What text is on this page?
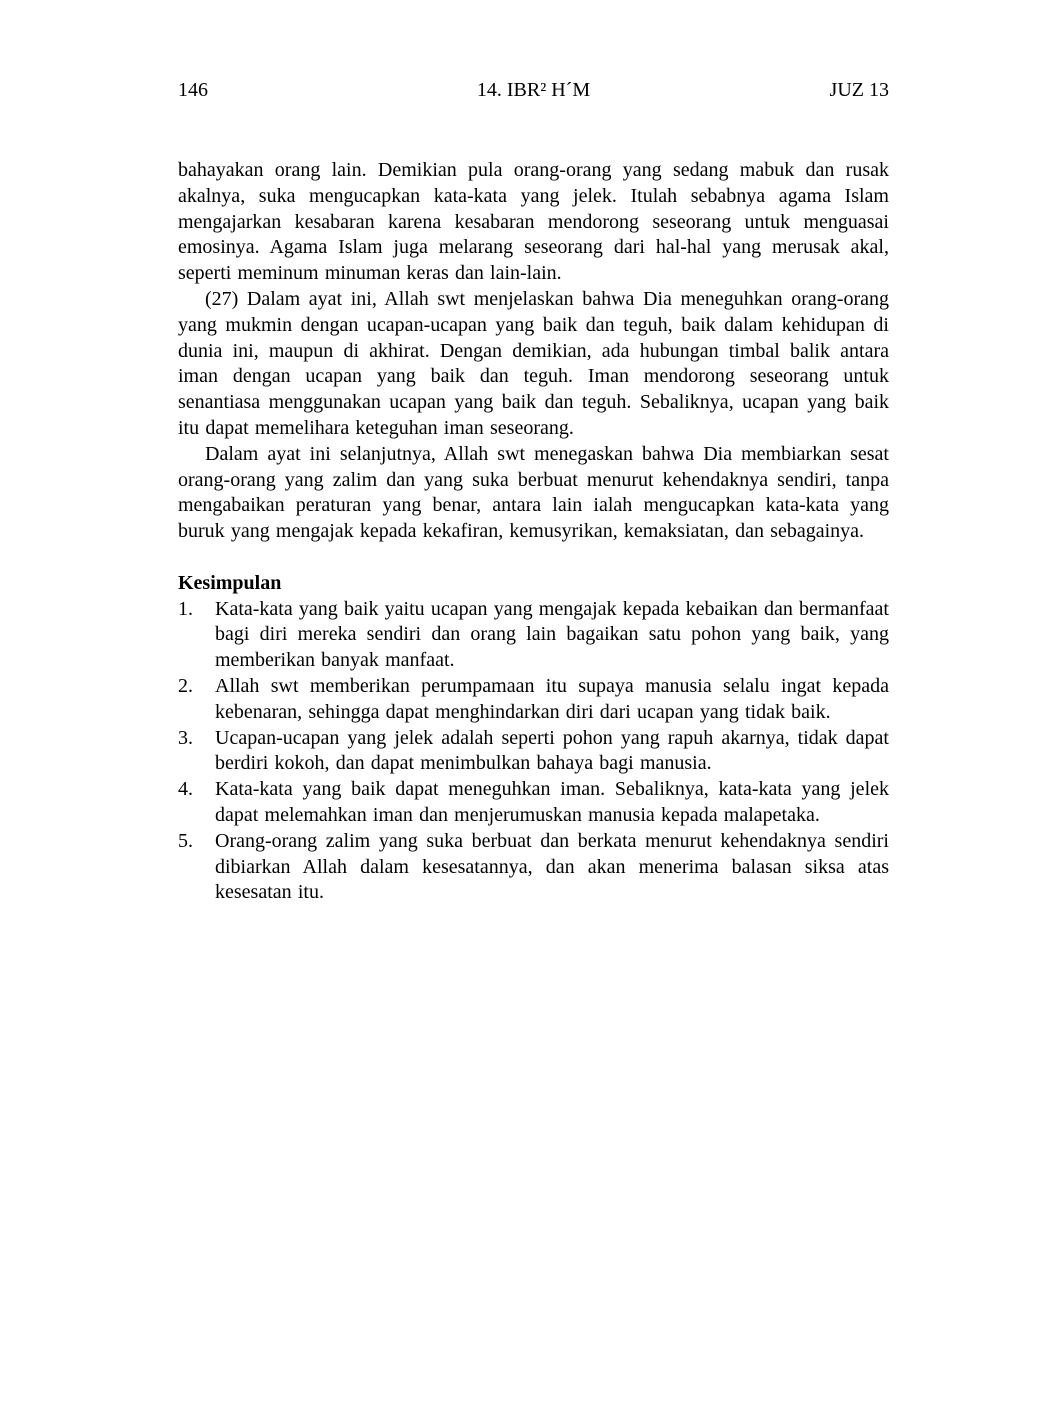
146	14. IBR² H´M	JUZ 13

bahayakan orang lain. Demikian pula orang-orang yang sedang mabuk dan rusak akalnya, suka mengucapkan kata-kata yang jelek. Itulah sebabnya agama Islam mengajarkan kesabaran karena kesabaran mendorong seseorang untuk menguasai emosinya. Agama Islam juga melarang seseorang dari hal-hal yang merusak akal, seperti meminum minuman keras dan lain-lain.

(27) Dalam ayat ini, Allah swt menjelaskan bahwa Dia meneguhkan orang-orang yang mukmin dengan ucapan-ucapan yang baik dan teguh, baik dalam kehidupan di dunia ini, maupun di akhirat. Dengan demikian, ada hubungan timbal balik antara iman dengan ucapan yang baik dan teguh. Iman mendorong seseorang untuk senantiasa menggunakan ucapan yang baik dan teguh. Sebaliknya, ucapan yang baik itu dapat memelihara keteguhan iman seseorang.

Dalam ayat ini selanjutnya, Allah swt menegaskan bahwa Dia membiarkan sesat orang-orang yang zalim dan yang suka berbuat menurut kehendaknya sendiri, tanpa mengabaikan peraturan yang benar, antara lain ialah mengucapkan kata-kata yang buruk yang mengajak kepada kekafiran, kemusyrikan, kemaksiatan, dan sebagainya.

Kesimpulan
1.	Kata-kata yang baik yaitu ucapan yang mengajak kepada kebaikan dan bermanfaat bagi diri mereka sendiri dan orang lain bagaikan satu pohon yang baik, yang memberikan banyak manfaat.
2.	Allah swt memberikan perumpamaan itu supaya manusia selalu ingat kepada kebenaran, sehingga dapat menghindarkan diri dari ucapan yang tidak baik.
3.	Ucapan-ucapan yang jelek adalah seperti pohon yang rapuh akarnya, tidak dapat berdiri kokoh, dan dapat menimbulkan bahaya bagi manusia.
4.	Kata-kata yang baik dapat meneguhkan iman. Sebaliknya, kata-kata yang jelek dapat melemahkan iman dan menjerumuskan manusia kepada malapetaka.
5.	Orang-orang zalim yang suka berbuat dan berkata menurut kehendaknya sendiri dibiarkan Allah dalam kesesatannya, dan akan menerima balasan siksa atas kesesatan itu.
